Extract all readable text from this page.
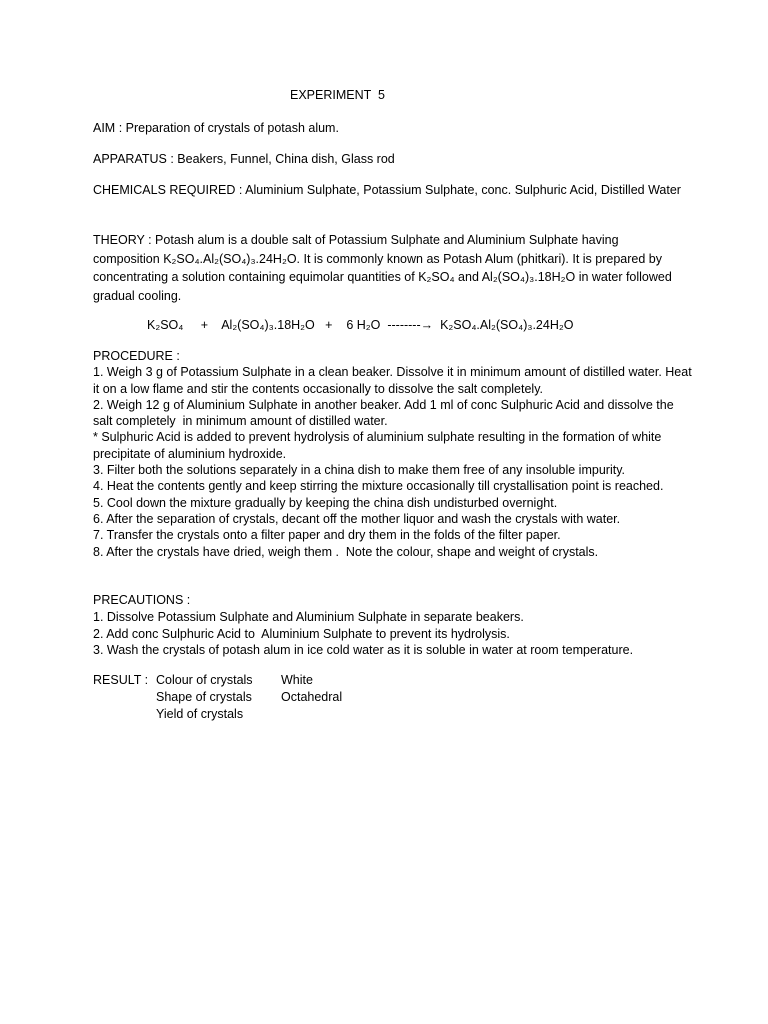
EXPERIMENT  5
AIM : Preparation of crystals of potash alum.
APPARATUS : Beakers, Funnel, China dish, Glass rod
CHEMICALS REQUIRED : Aluminium Sulphate, Potassium Sulphate, conc. Sulphuric Acid, Distilled Water
THEORY : Potash alum is a double salt of Potassium Sulphate and Aluminium Sulphate having composition K₂SO₄.Al₂(SO₄)₃.24H₂O. It is commonly known as Potash Alum (phitkari). It is prepared by concentrating a solution containing equimolar quantities of K₂SO₄ and Al₂(SO₄)₃.18H₂O in water followed gradual cooling.
K₂SO₄     +    Al₂(SO₄)₃.18H₂O   +    6 H₂O  --------→  K₂SO₄.Al₂(SO₄)₃.24H₂O
PROCEDURE :
1. Weigh 3 g of Potassium Sulphate in a clean beaker. Dissolve it in minimum amount of distilled water. Heat it on a low flame and stir the contents occasionally to dissolve the salt completely.
2. Weigh 12 g of Aluminium Sulphate in another beaker. Add 1 ml of conc Sulphuric Acid and dissolve the salt completely  in minimum amount of distilled water.
* Sulphuric Acid is added to prevent hydrolysis of aluminium sulphate resulting in the formation of white precipitate of aluminium hydroxide.
3. Filter both the solutions separately in a china dish to make them free of any insoluble impurity.
4. Heat the contents gently and keep stirring the mixture occasionally till crystallisation point is reached.
5. Cool down the mixture gradually by keeping the china dish undisturbed overnight.
6. After the separation of crystals, decant off the mother liquor and wash the crystals with water.
7. Transfer the crystals onto a filter paper and dry them in the folds of the filter paper.
8. After the crystals have dried, weigh them .  Note the colour, shape and weight of crystals.
PRECAUTIONS :
1. Dissolve Potassium Sulphate and Aluminium Sulphate in separate beakers.
2. Add conc Sulphuric Acid to  Aluminium Sulphate to prevent its hydrolysis.
3. Wash the crystals of potash alum in ice cold water as it is soluble in water at room temperature.
RESULT : Colour of crystals White
Shape of crystals Octahedral
Yield of crystals
